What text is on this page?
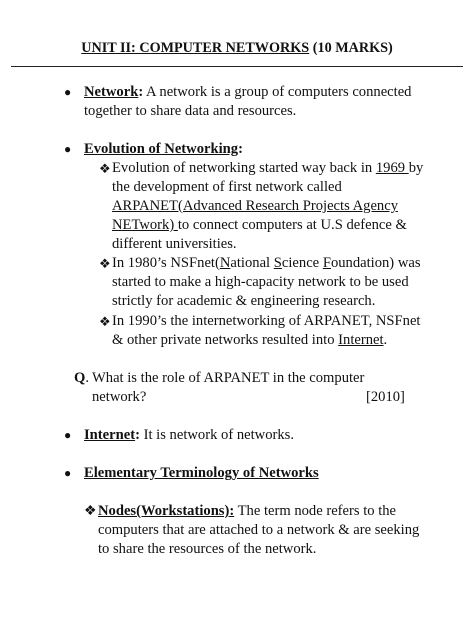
UNIT II: COMPUTER NETWORKS (10 MARKS)
● Network: A network is a group of computers connected
together to share data and resources.
● Evolution of Networking:
❖ Evolution of networking started way back in 1969 by
the development of first network called
ARPANET(Advanced Research Projects Agency
NETwork) to connect computers at U.S defence &
different universities.
❖ In 1980’s NSFnet(National Science Foundation) was
started to make a high-capacity network to be used
strictly for academic & engineering research.
❖ In 1990’s the internetworking of ARPANET, NSFnet
& other private networks resulted into Internet.
Q. What is the role of ARPANET in the computer
network?	[2010]
● Internet: It is network of networks.
● Elementary Terminology of Networks
❖ Nodes(Workstations): The term node refers to the
computers that are attached to a network & are seeking
to share the resources of the network.
